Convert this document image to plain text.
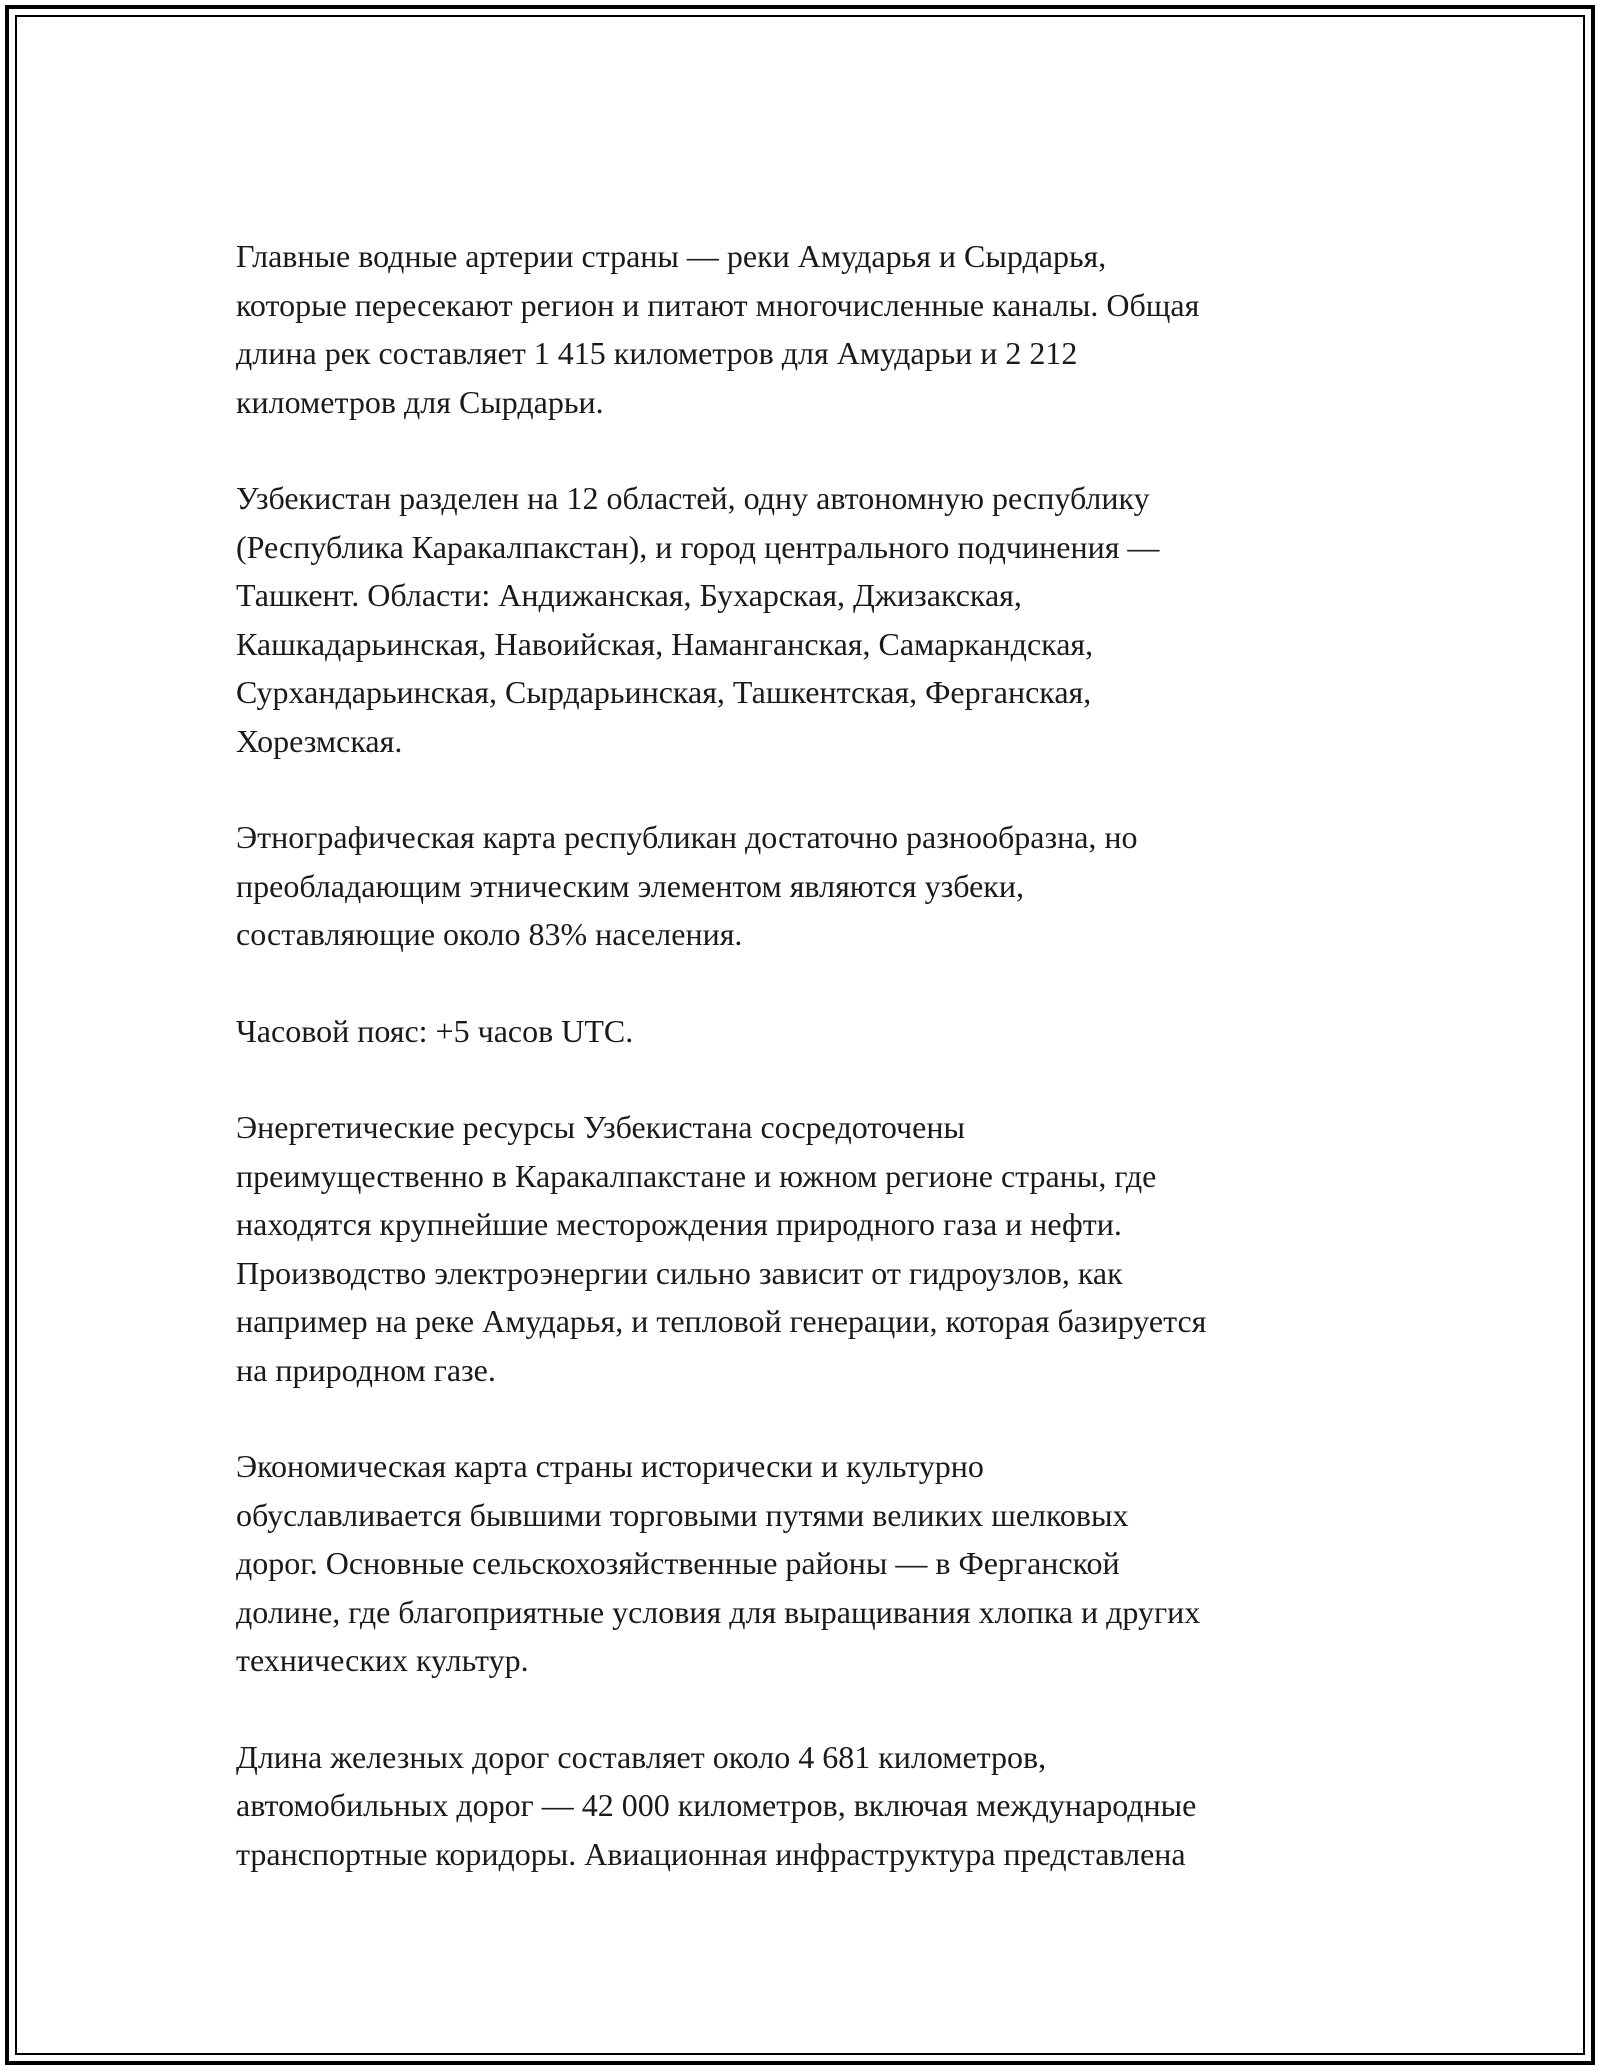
Главные водные артерии страны — реки Амударья и Сырдарья,
которые пересекают регион и питают многочисленные каналы. Общая
длина рек составляет 1 415 километров для Амударьи и 2 212
километров для Сырдарьи.

Узбекистан разделен на 12 областей, одну автономную республику
(Республика Каракалпакстан), и город центрального подчинения —
Ташкент. Области: Андижанская, Бухарская, Джизакская,
Кашкадарьинская, Навоийская, Наманганская, Самаркандская,
Сурхандарьинская, Сырдарьинская, Ташкентская, Ферганская,
Хорезмская.

Этнографическая карта республикан достаточно разнообразна, но
преобладающим этническим элементом являются узбеки,
составляющие около 83% населения.

Часовой пояс: +5 часов UTC.

Энергетические ресурсы Узбекистана сосредоточены
преимущественно в Каракалпакстане и южном регионе страны, где
находятся крупнейшие месторождения природного газа и нефти.
Производство электроэнергии сильно зависит от гидроузлов, как
например на реке Амударья, и тепловой генерации, которая базируется
на природном газе.

Экономическая карта страны исторически и культурно
обуславливается бывшими торговыми путями великих шелковых
дорог. Основные сельскохозяйственные районы — в Ферганской
долине, где благоприятные условия для выращивания хлопка и других
технических культур.

Длина железных дорог составляет около 4 681 километров,
автомобильных дорог — 42 000 километров, включая международные
транспортные коридоры. Авиационная инфраструктура представлена
